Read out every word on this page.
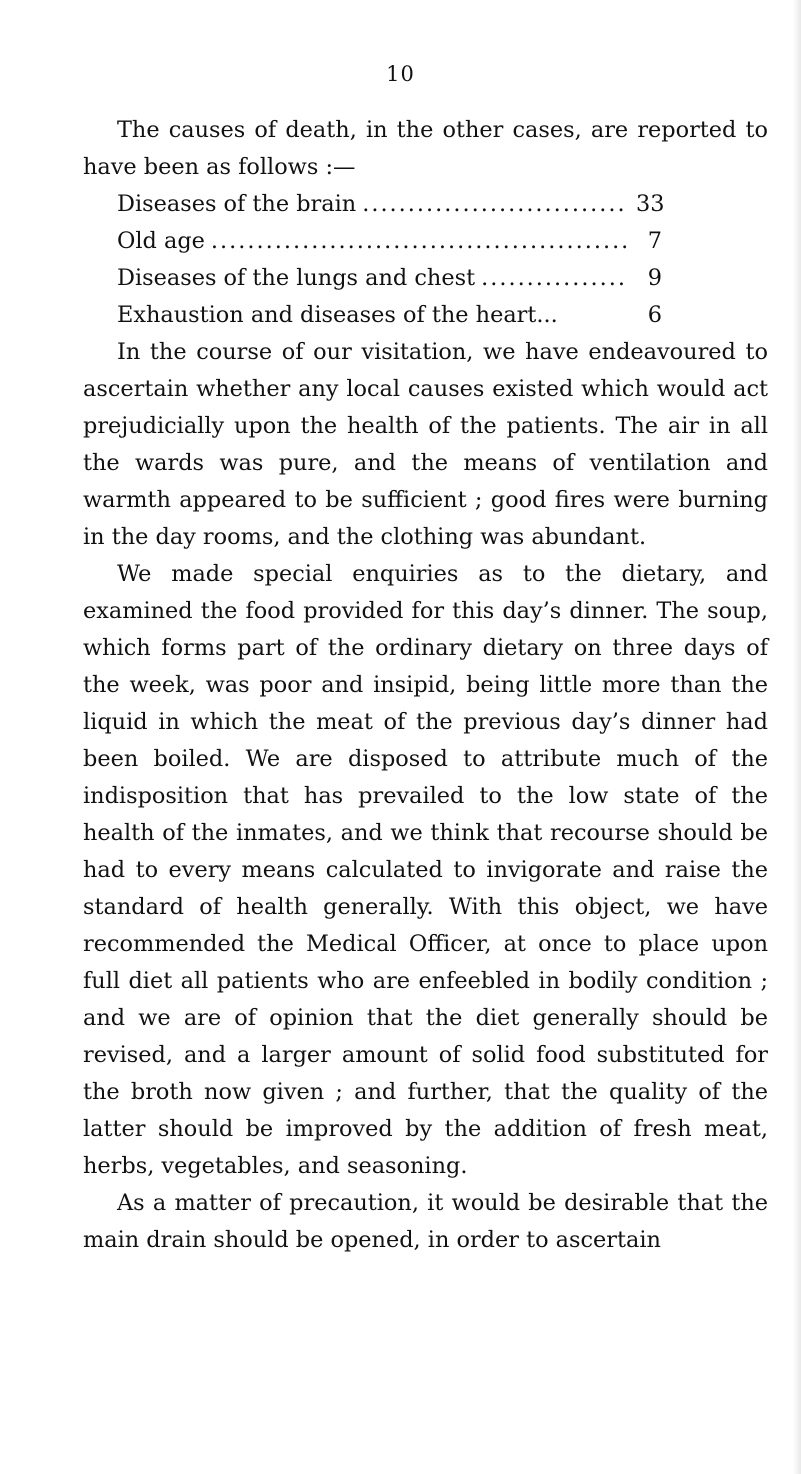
10

The causes of death, in the other cases, are reported to have been as follows :—

Diseases of the brain .....	33
Old age .....	7
Diseases of the lungs and chest .....	9
Exhaustion and diseases of the heart...	6

In the course of our visitation, we have endeavoured to ascertain whether any local causes existed which would act prejudicially upon the health of the patients. The air in all the wards was pure, and the means of ventilation and warmth appeared to be sufficient ; good fires were burning in the day rooms, and the clothing was abundant.

We made special enquiries as to the dietary, and examined the food provided for this day’s dinner. The soup, which forms part of the ordinary dietary on three days of the week, was poor and insipid, being little more than the liquid in which the meat of the previous day’s dinner had been boiled. We are disposed to attribute much of the indisposition that has prevailed to the low state of the health of the inmates, and we think that recourse should be had to every means calculated to invigorate and raise the standard of health generally. With this object, we have recommended the Medical Officer, at once to place upon full diet all patients who are enfeebled in bodily condition ; and we are of opinion that the diet generally should be revised, and a larger amount of solid food substituted for the broth now given ; and further, that the quality of the latter should be improved by the addition of fresh meat, herbs, vegetables, and seasoning.

As a matter of precaution, it would be desirable that the main drain should be opened, in order to ascertain
